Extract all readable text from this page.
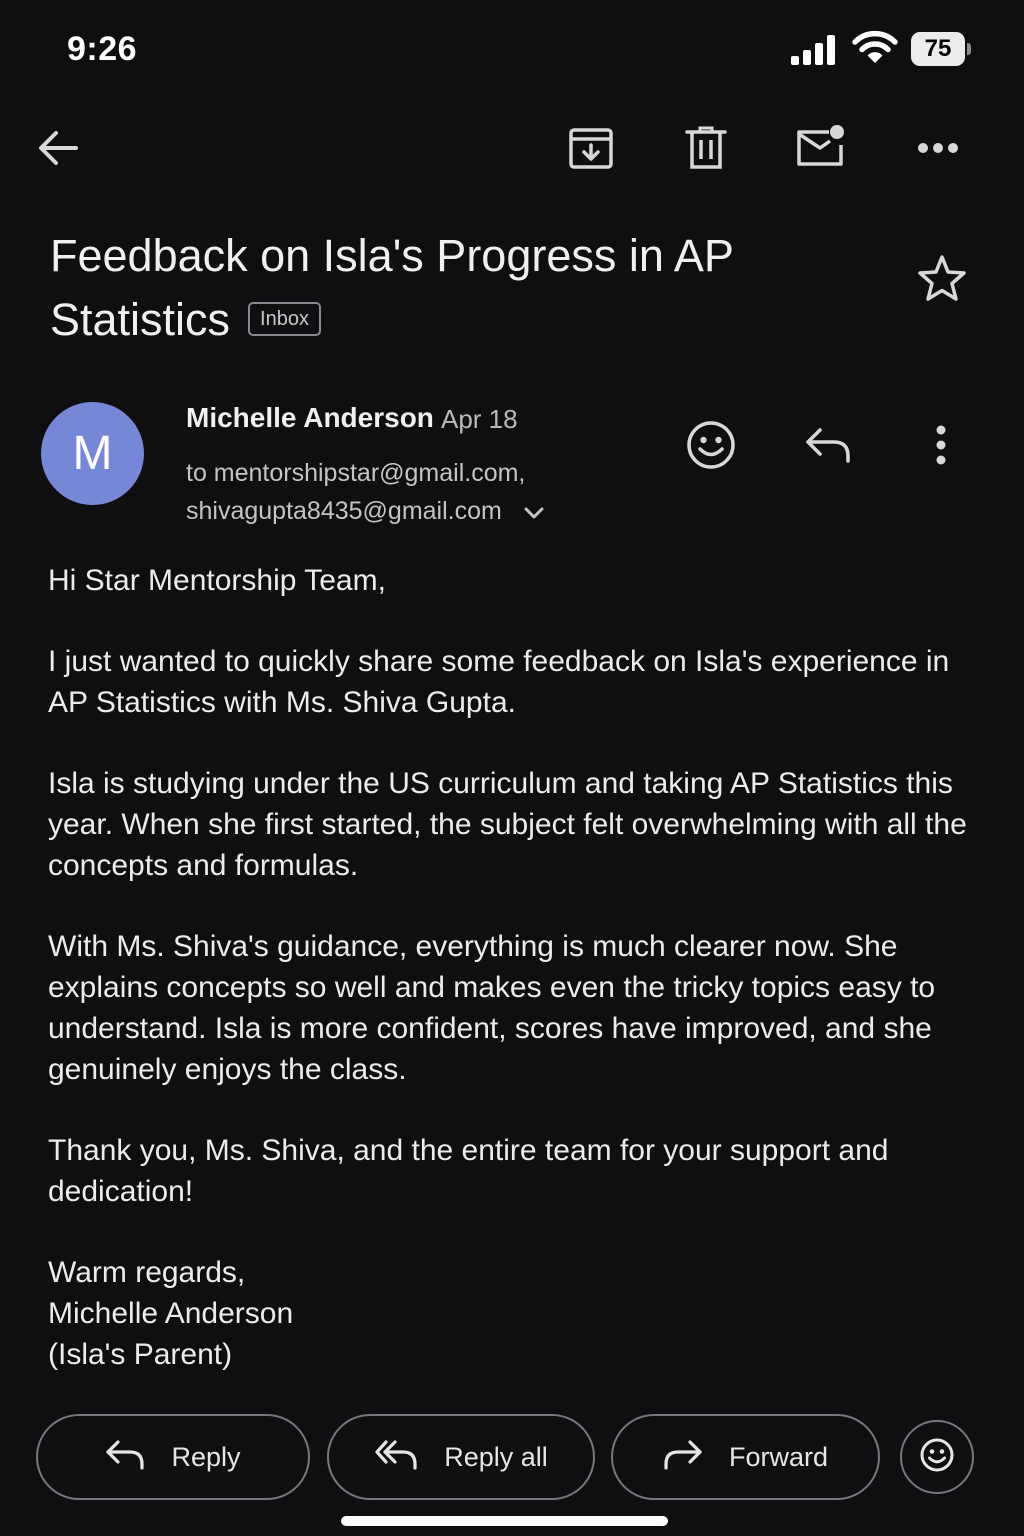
9:26	75
Feedback on Isla's Progress in AP Statistics Inbox
M
Michelle Anderson Apr 18
to mentorshipstar@gmail.com,
shivagupta8435@gmail.com

Hi Star Mentorship Team,

I just wanted to quickly share some feedback on Isla's experience in AP Statistics with Ms. Shiva Gupta.

Isla is studying under the US curriculum and taking AP Statistics this year. When she first started, the subject felt overwhelming with all the concepts and formulas.

With Ms. Shiva's guidance, everything is much clearer now. She explains concepts so well and makes even the tricky topics easy to understand. Isla is more confident, scores have improved, and she genuinely enjoys the class.

Thank you, Ms. Shiva, and the entire team for your support and dedication!

Warm regards,
Michelle Anderson
(Isla's Parent)
Reply	Reply all	Forward
